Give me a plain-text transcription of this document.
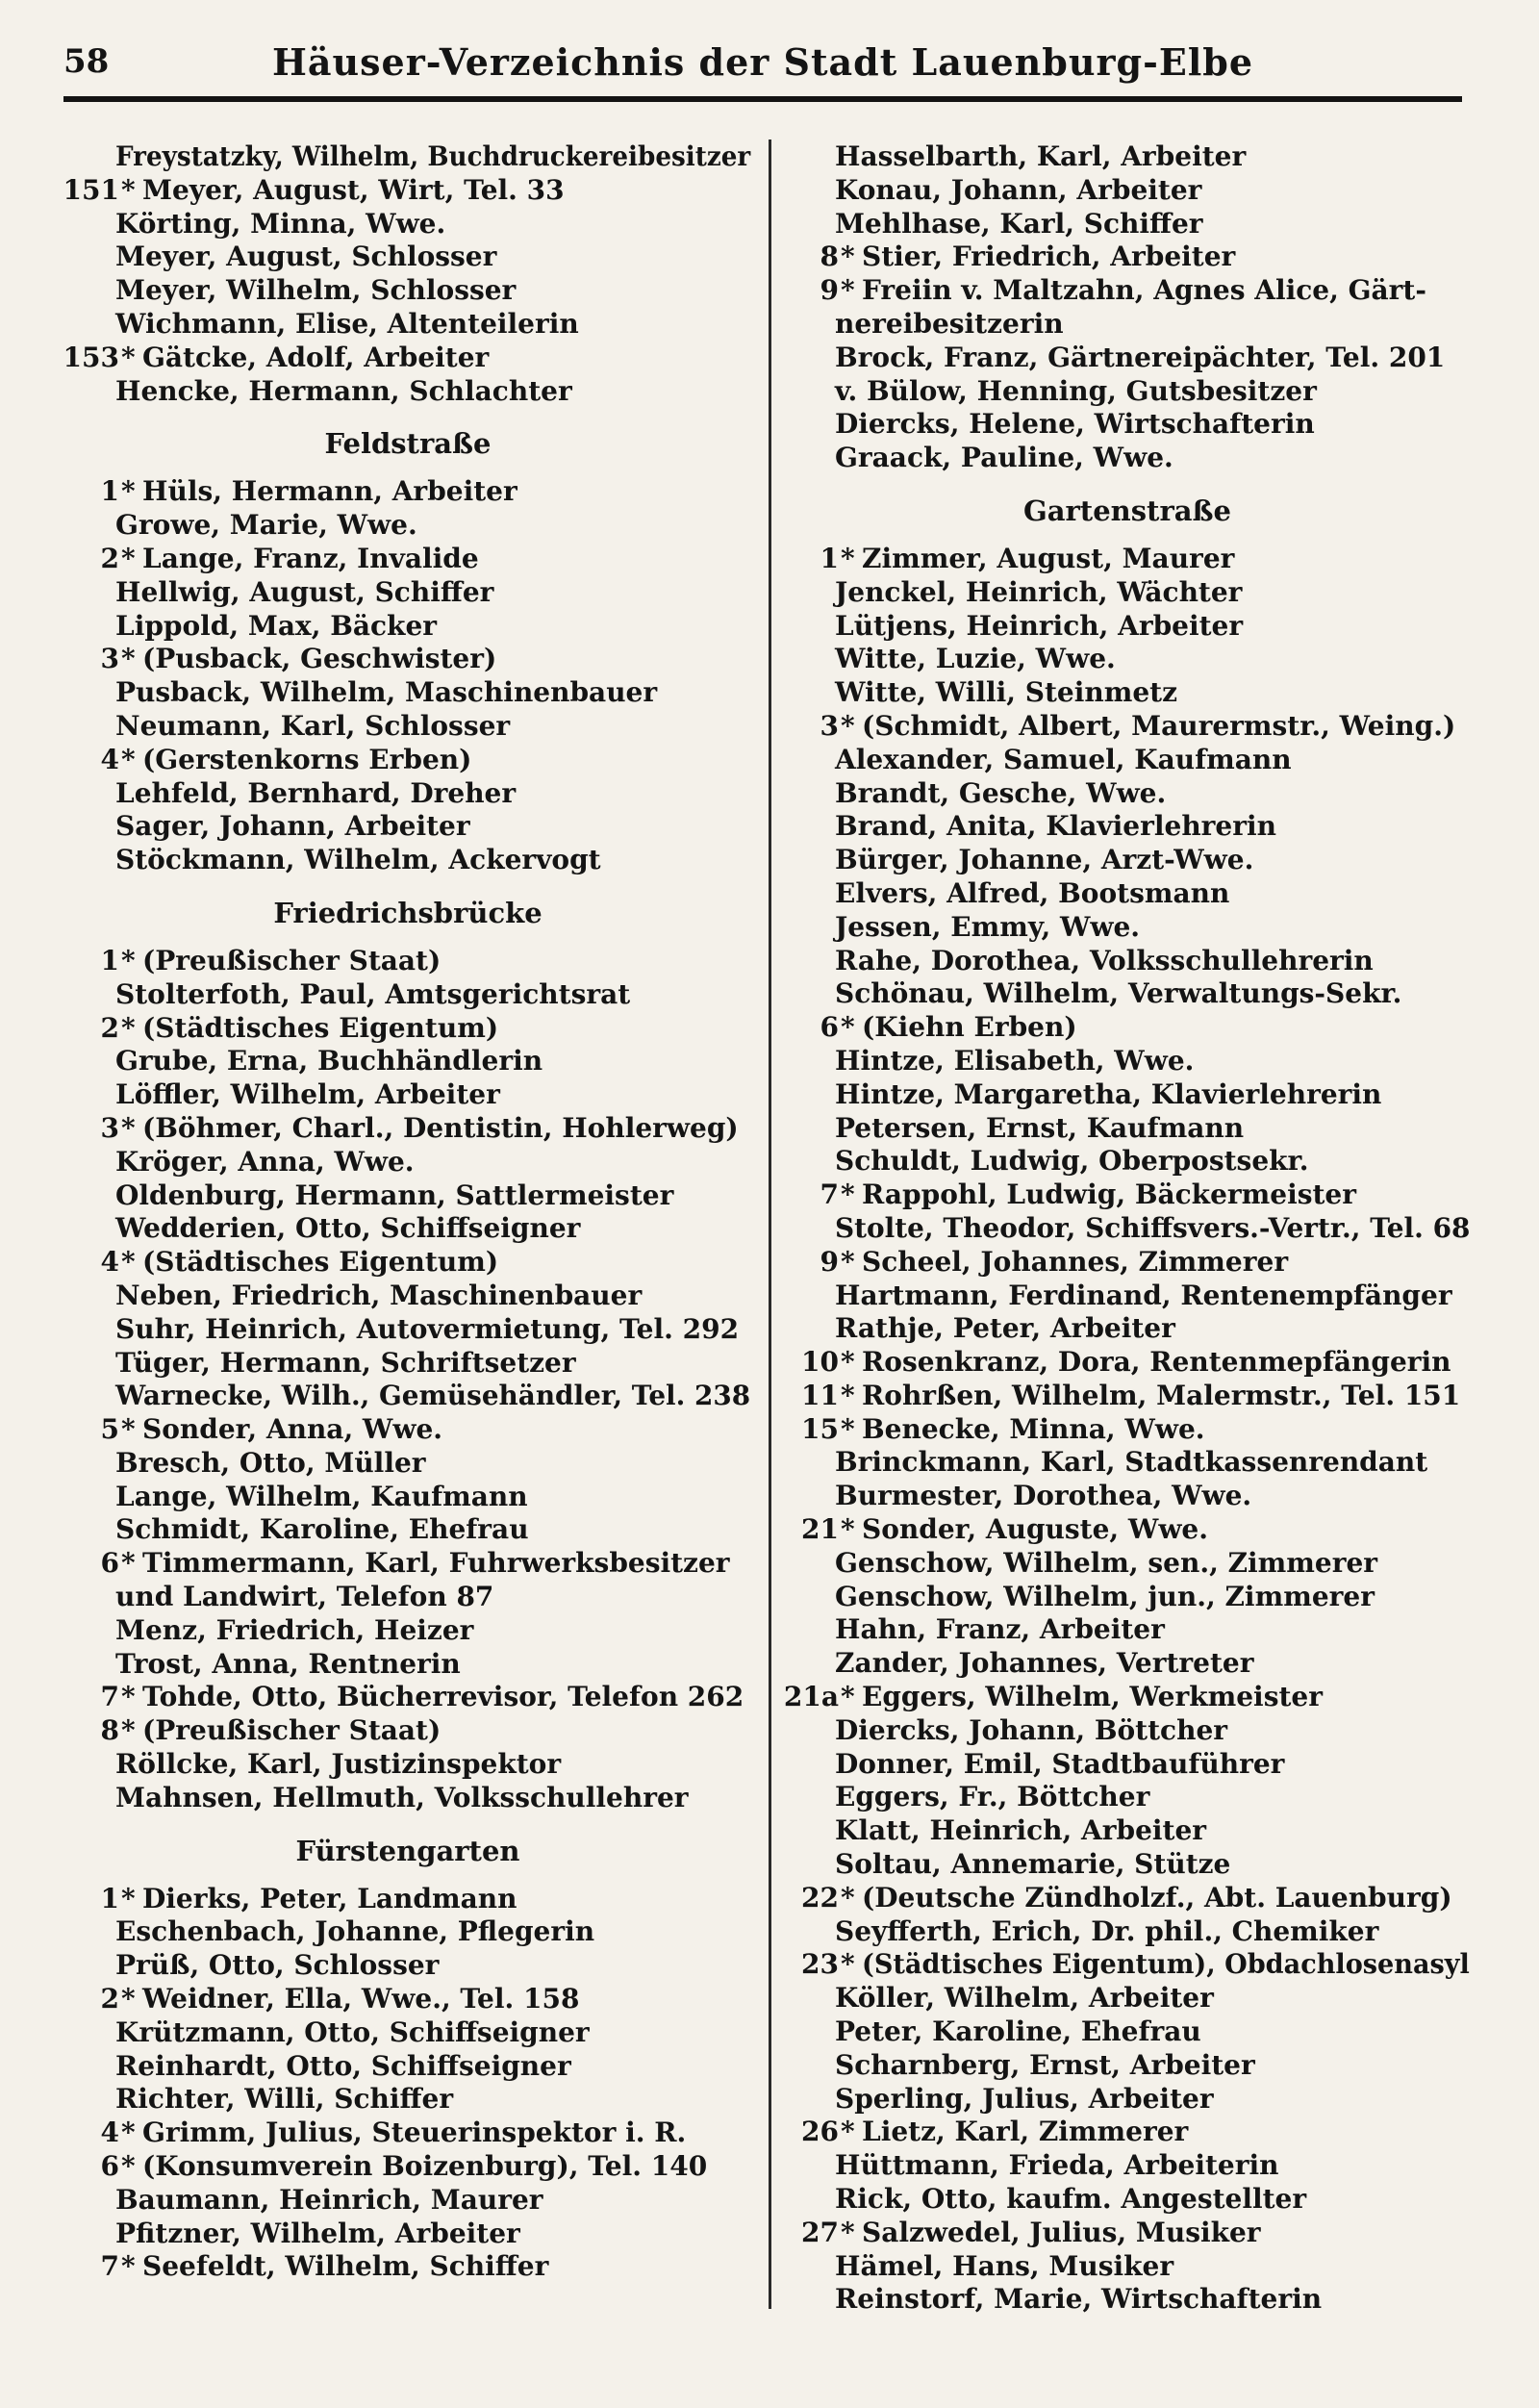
58	Häuser-Verzeichnis der Stadt Lauenburg-Elbe
Freystatzky, Wilhelm, Buchdruckereibesitzer
151 * Meyer, August, Wirt, Tel. 33
Körting, Minna, Wwe.
Meyer, August, Schlosser
Meyer, Wilhelm, Schlosser
Wichmann, Elise, Altenteilerin
153 * Gätcke, Adolf, Arbeiter
Hencke, Hermann, Schlachter
Feldstraße
1 * Hüls, Hermann, Arbeiter
Growe, Marie, Wwe.
2 * Lange, Franz, Invalide
Hellwig, August, Schiffer
Lippold, Max, Bäcker
3 * (Pusback, Geschwister)
Pusback, Wilhelm, Maschinenbauer
Neumann, Karl, Schlosser
4 * (Gerstenkorns Erben)
Lehfeld, Bernhard, Dreher
Sager, Johann, Arbeiter
Stöckmann, Wilhelm, Ackervogt
Friedrichsbrücke
1 * (Preußischer Staat)
Stolterfoth, Paul, Amtsgerichtsrat
2 * (Städtisches Eigentum)
Grube, Erna, Buchhändlerin
Löffler, Wilhelm, Arbeiter
3 * (Böhmer, Charl., Dentistin, Hohlerweg)
Kröger, Anna, Wwe.
Oldenburg, Hermann, Sattlermeister
Wedderien, Otto, Schiffseigner
4 * (Städtisches Eigentum)
Neben, Friedrich, Maschinenbauer
Suhr, Heinrich, Autovermietung, Tel. 292
Tüger, Hermann, Schriftsetzer
Warnecke, Wilh., Gemüsehändler, Tel. 238
5 * Sonder, Anna, Wwe.
Bresch, Otto, Müller
Lange, Wilhelm, Kaufmann
Schmidt, Karoline, Ehefrau
6 * Timmermann, Karl, Fuhrwerksbesitzer
und Landwirt, Telefon 87
Menz, Friedrich, Heizer
Trost, Anna, Rentnerin
7 * Tohde, Otto, Bücherrevisor, Telefon 262
8 * (Preußischer Staat)
Röllcke, Karl, Justizinspektor
Mahnsen, Hellmuth, Volksschullehrer
Fürstengarten
1 * Dierks, Peter, Landmann
Eschenbach, Johanne, Pflegerin
Prüß, Otto, Schlosser
2 * Weidner, Ella, Wwe., Tel. 158
Krützmann, Otto, Schiffseigner
Reinhardt, Otto, Schiffseigner
Richter, Willi, Schiffer
4 * Grimm, Julius, Steuerinspektor i. R.
6 * (Konsumverein Boizenburg), Tel. 140
Baumann, Heinrich, Maurer
Pfitzner, Wilhelm, Arbeiter
7 * Seefeldt, Wilhelm, Schiffer
Hasselbarth, Karl, Arbeiter
Konau, Johann, Arbeiter
Mehlhase, Karl, Schiffer
8 * Stier, Friedrich, Arbeiter
9 * Freiin v. Maltzahn, Agnes Alice, Gärt-
nereibesitzerin
Brock, Franz, Gärtnereipächter, Tel. 201
v. Bülow, Henning, Gutsbesitzer
Diercks, Helene, Wirtschafterin
Graack, Pauline, Wwe.
Gartenstraße
1 * Zimmer, August, Maurer
Jenckel, Heinrich, Wächter
Lütjens, Heinrich, Arbeiter
Witte, Luzie, Wwe.
Witte, Willi, Steinmetz
3 * (Schmidt, Albert, Maurermstr., Weing.)
Alexander, Samuel, Kaufmann
Brandt, Gesche, Wwe.
Brand, Anita, Klavierlehrerin
Bürger, Johanne, Arzt-Wwe.
Elvers, Alfred, Bootsmann
Jessen, Emmy, Wwe.
Rahe, Dorothea, Volksschullehrerin
Schönau, Wilhelm, Verwaltungs-Sekr.
6 * (Kiehn Erben)
Hintze, Elisabeth, Wwe.
Hintze, Margaretha, Klavierlehrerin
Petersen, Ernst, Kaufmann
Schuldt, Ludwig, Oberpostsekr.
7 * Rappohl, Ludwig, Bäckermeister
Stolte, Theodor, Schiffsvers.-Vertr., Tel. 68
9 * Scheel, Johannes, Zimmerer
Hartmann, Ferdinand, Rentenempfänger
Rathje, Peter, Arbeiter
10 * Rosenkranz, Dora, Rentenmepfängerin
11 * Rohrßen, Wilhelm, Malermstr., Tel. 151
15 * Benecke, Minna, Wwe.
Brinckmann, Karl, Stadtkassenrendant
Burmester, Dorothea, Wwe.
21 * Sonder, Auguste, Wwe.
Genschow, Wilhelm, sen., Zimmerer
Genschow, Wilhelm, jun., Zimmerer
Hahn, Franz, Arbeiter
Zander, Johannes, Vertreter
21a * Eggers, Wilhelm, Werkmeister
Diercks, Johann, Böttcher
Donner, Emil, Stadtbauführer
Eggers, Fr., Böttcher
Klatt, Heinrich, Arbeiter
Soltau, Annemarie, Stütze
22 * (Deutsche Zündholzf., Abt. Lauenburg)
Seyfferth, Erich, Dr. phil., Chemiker
23 * (Städtisches Eigentum), Obdachlosenasyl
Köller, Wilhelm, Arbeiter
Peter, Karoline, Ehefrau
Scharnberg, Ernst, Arbeiter
Sperling, Julius, Arbeiter
26 * Lietz, Karl, Zimmerer
Hüttmann, Frieda, Arbeiterin
Rick, Otto, kaufm. Angestellter
27 * Salzwedel, Julius, Musiker
Hämel, Hans, Musiker
Reinstorf, Marie, Wirtschafterin
